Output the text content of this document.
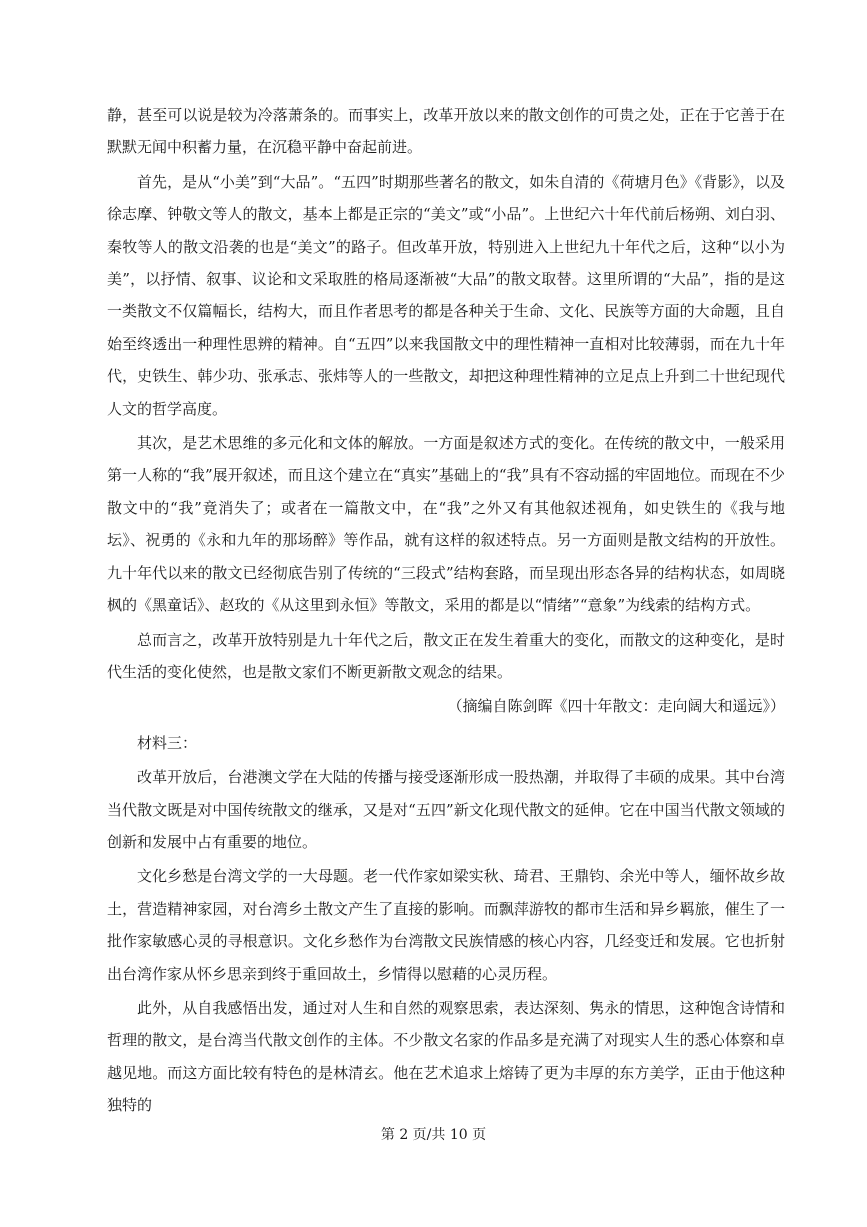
静，甚至可以说是较为冷落萧条的。而事实上，改革开放以来的散文创作的可贵之处，正在于它善于在默默无闻中积蓄力量，在沉稳平静中奋起前进。

首先，是从“小美”到“大品”。“五四”时期那些著名的散文，如朱自清的《荷塘月色》《背影》，以及徐志摩、钟敬文等人的散文，基本上都是正宗的“美文”或“小品”。上世纪六十年代前后杨朔、刘白羽、秦牧等人的散文沿袭的也是“美文”的路子。但改革开放，特别进入上世纪九十年代之后，这种“以小为美”，以抒情、叙事、议论和文采取胜的格局逐渐被“大品”的散文取替。这里所谓的“大品”，指的是这一类散文不仅篇幅长，结构大，而且作者思考的都是各种关于生命、文化、民族等方面的大命题，且自始至终透出一种理性思辨的精神。自“五四”以来我国散文中的理性精神一直相对比较薄弱，而在九十年代，史铁生、韩少功、张承志、张炜等人的一些散文，却把这种理性精神的立足点上升到二十世纪现代人文的哲学高度。

其次，是艺术思维的多元化和文体的解放。一方面是叙述方式的变化。在传统的散文中，一般采用第一人称的“我”展开叙述，而且这个建立在“真实”基础上的“我”具有不容动摇的牢固地位。而现在不少散文中的“我”竟消失了；或者在一篇散文中，在“我”之外又有其他叙述视角，如史铁生的《我与地坛》、祝勇的《永和九年的那场醉》等作品，就有这样的叙述特点。另一方面则是散文结构的开放性。九十年代以来的散文已经彻底告别了传统的“三段式”结构套路，而呈现出形态各异的结构状态，如周晓枫的《黑童话》、赵玫的《从这里到永恒》等散文，采用的都是以“情绪”“意象”为线索的结构方式。

总而言之，改革开放特别是九十年代之后，散文正在发生着重大的变化，而散文的这种变化，是时代生活的变化使然，也是散文家们不断更新散文观念的结果。

（摘编自陈剑晖《四十年散文：走向阔大和遥远》）

材料三：

改革开放后，台港澳文学在大陆的传播与接受逐渐形成一股热潮，并取得了丰硕的成果。其中台湾当代散文既是对中国传统散文的继承，又是对“五四”新文化现代散文的延伸。它在中国当代散文领域的创新和发展中占有重要的地位。

文化乡愁是台湾文学的一大母题。老一代作家如梁实秋、琦君、王鼎钧、余光中等人，缅怀故乡故土，营造精神家园，对台湾乡土散文产生了直接的影响。而飘萍游牧的都市生活和异乡羁旅，催生了一批作家敏感心灵的寻根意识。文化乡愁作为台湾散文民族情感的核心内容，几经变迁和发展。它也折射出台湾作家从怀乡思亲到终于重回故土，乡情得以慰藉的心灵历程。

此外，从自我感悟出发，通过对人生和自然的观察思索，表达深刻、隽永的情思，这种饱含诗情和哲理的散文，是台湾当代散文创作的主体。不少散文名家的作品多是充满了对现实人生的悉心体察和卓越见地。而这方面比较有特色的是林清玄。他在艺术追求上熔铸了更为丰厚的东方美学，正由于他这种独特的

第 2 页/共 10 页
